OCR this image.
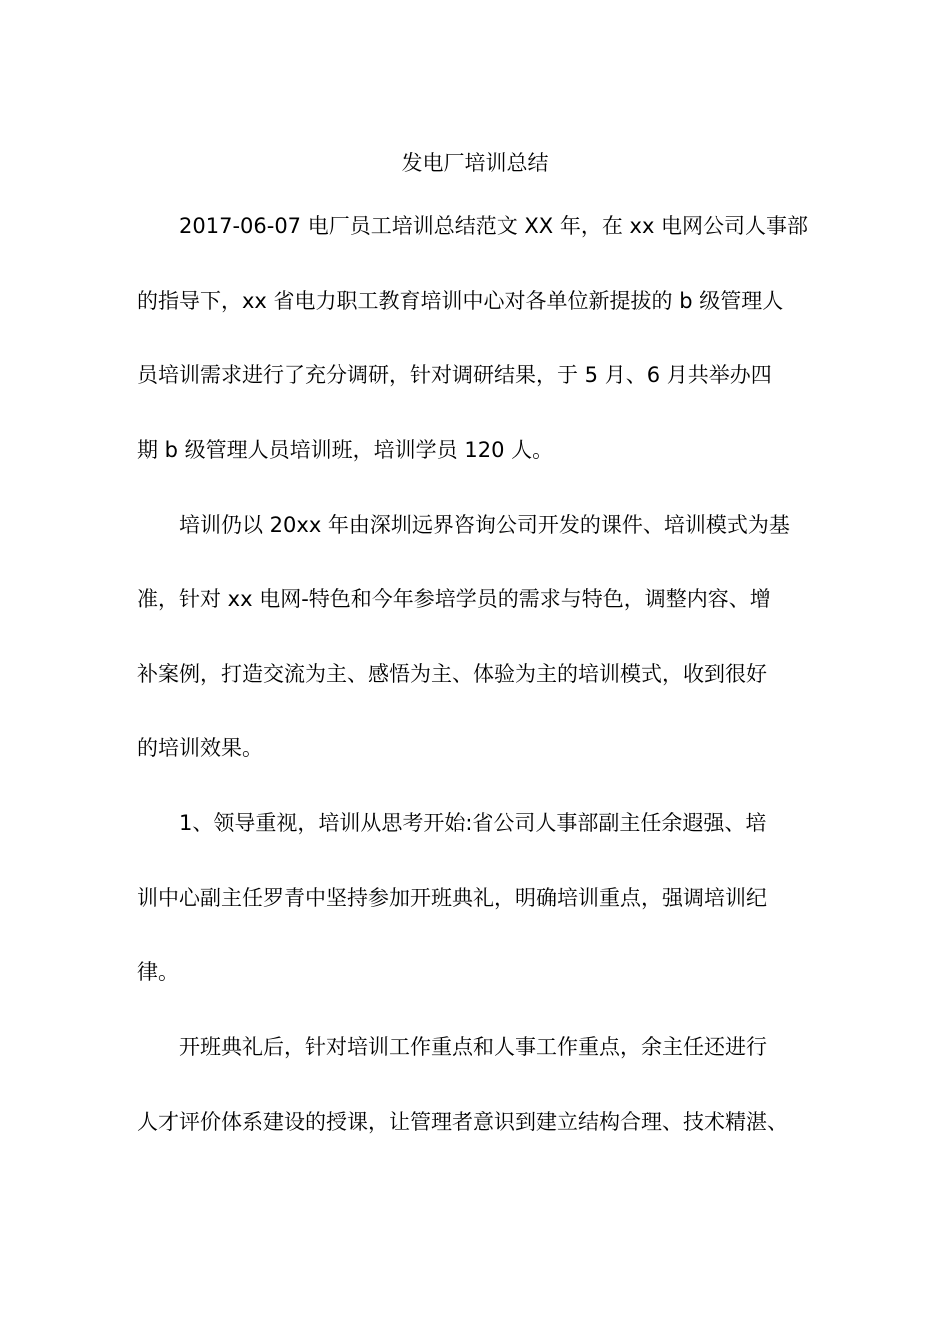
发电厂培训总结
2017-06-07 电厂员工培训总结范文 XX 年，在 xx 电网公司人事部
的指导下，xx 省电力职工教育培训中心对各单位新提拔的 b 级管理人
员培训需求进行了充分调研，针对调研结果，于 5 月、6 月共举办四
期 b 级管理人员培训班，培训学员 120 人。
培训仍以 20xx 年由深圳远界咨询公司开发的课件、培训模式为基
准，针对 xx 电网-特色和今年参培学员的需求与特色，调整内容、增
补案例，打造交流为主、感悟为主、体验为主的培训模式，收到很好
的培训效果。
1、领导重视，培训从思考开始:省公司人事部副主任余遐强、培
训中心副主任罗青中坚持参加开班典礼，明确培训重点，强调培训纪
律。
开班典礼后，针对培训工作重点和人事工作重点，余主任还进行
人才评价体系建设的授课，让管理者意识到建立结构合理、技术精湛、
